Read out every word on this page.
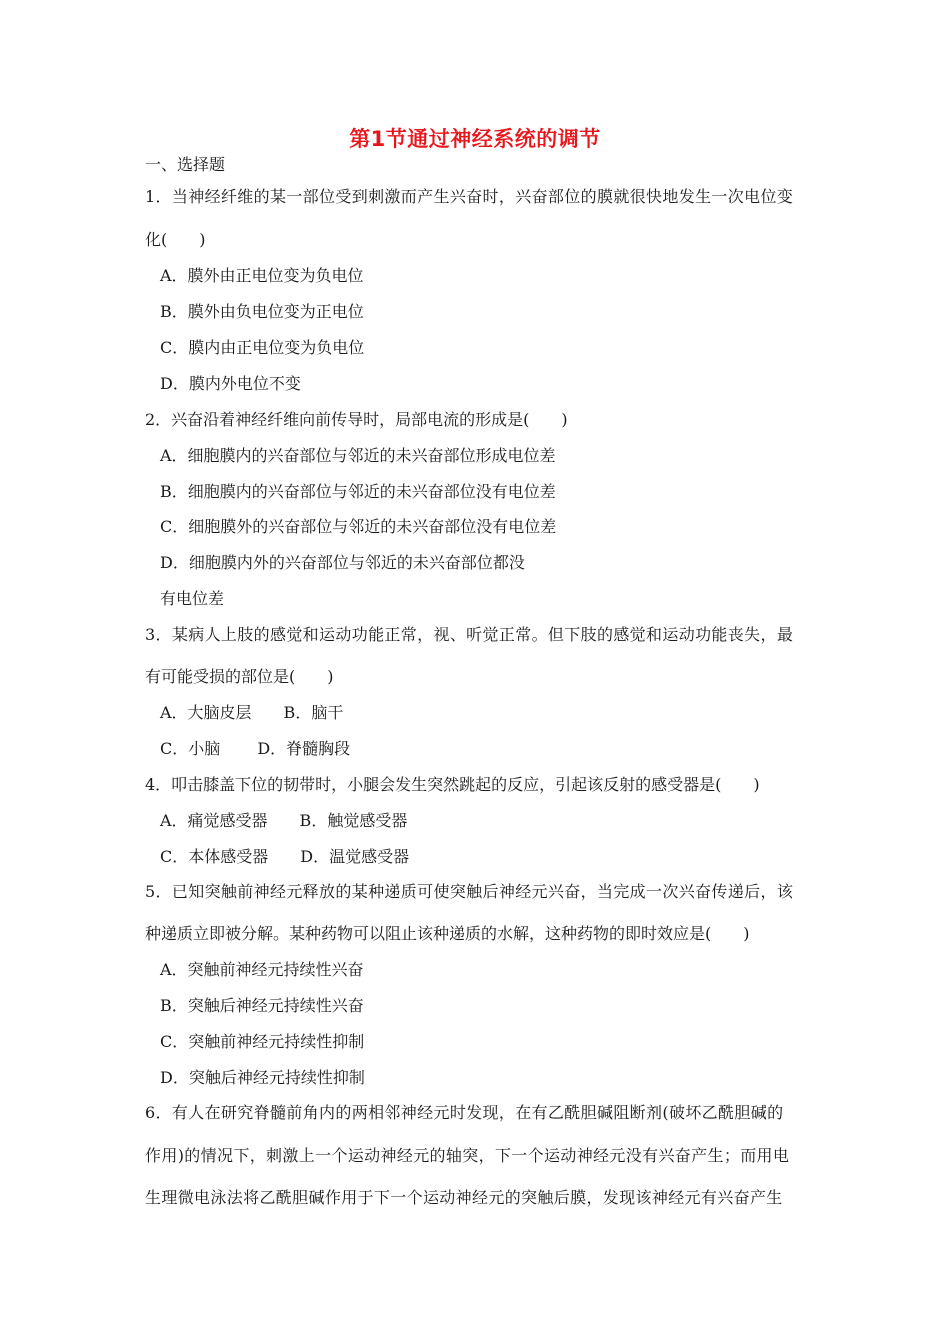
第1节通过神经系统的调节
一、选择题
1．当神经纤维的某一部位受到刺激而产生兴奋时，兴奋部位的膜就很快地发生一次电位变
化(　　)
A．膜外由正电位变为负电位
B．膜外由负电位变为正电位
C．膜内由正电位变为负电位
D．膜内外电位不变
2．兴奋沿着神经纤维向前传导时，局部电流的形成是(　　)
A．细胞膜内的兴奋部位与邻近的未兴奋部位形成电位差
B．细胞膜内的兴奋部位与邻近的未兴奋部位没有电位差
C．细胞膜外的兴奋部位与邻近的未兴奋部位没有电位差
D．细胞膜内外的兴奋部位与邻近的未兴奋部位都没
有电位差
3．某病人上肢的感觉和运动功能正常，视、听觉正常。但下肢的感觉和运动功能丧失，最
有可能受损的部位是(　　)
A．大脑皮层　　B．脑干
C．小脑　　 D．脊髓胸段
4．叩击膝盖下位的韧带时，小腿会发生突然跳起的反应，引起该反射的感受器是(　　)
A．痛觉感受器　　B．触觉感受器
C．本体感受器　　D．温觉感受器
5．已知突触前神经元释放的某种递质可使突触后神经元兴奋，当完成一次兴奋传递后，该
种递质立即被分解。某种药物可以阻止该种递质的水解，这种药物的即时效应是(　　)
A．突触前神经元持续性兴奋
B．突触后神经元持续性兴奋
C．突触前神经元持续性抑制
D．突触后神经元持续性抑制
6．有人在研究脊髓前角内的两相邻神经元时发现，在有乙酰胆碱阻断剂(破坏乙酰胆碱的
作用)的情况下，刺激上一个运动神经元的轴突，下一个运动神经元没有兴奋产生；而用电
生理微电泳法将乙酰胆碱作用于下一个运动神经元的突触后膜，发现该神经元有兴奋产生
